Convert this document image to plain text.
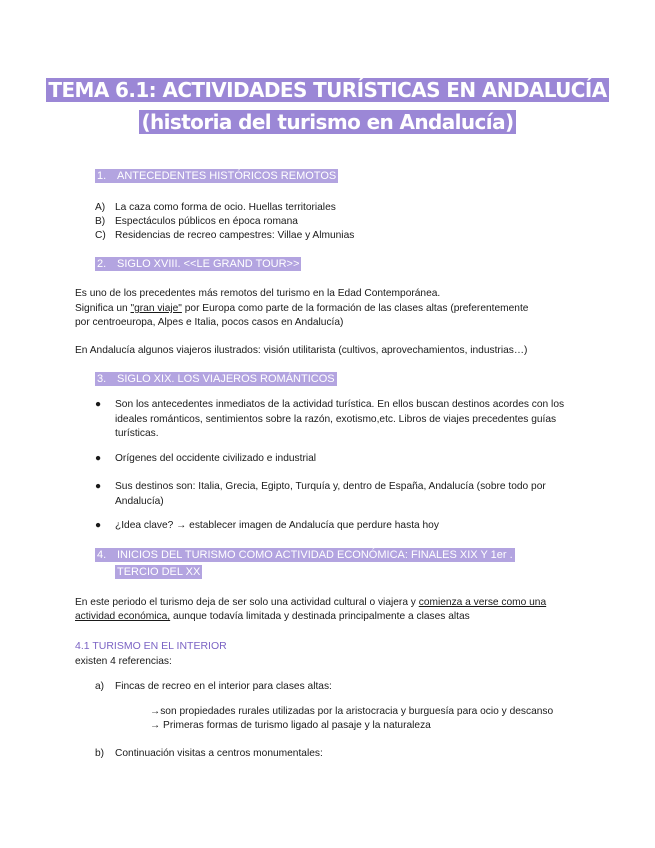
TEMA 6.1: ACTIVIDADES TURÍSTICAS EN ANDALUCÍA
(historia del turismo en Andalucía)
1. ANTECEDENTES HISTÓRICOS REMOTOS
A) La caza como forma de ocio. Huellas territoriales
B) Espectáculos públicos en época romana
C) Residencias de recreo campestres: Villae y Almunias
2. SIGLO XVIII. <<LE GRAND TOUR>>
Es uno de los precedentes más remotos del turismo en la Edad Contemporánea.
Significa un "gran viaje" por Europa como parte de la formación de las clases altas (preferentemente
por centroeuropa, Alpes e Italia, pocos casos en Andalucía)
En Andalucía algunos viajeros ilustrados: visión utilitarista (cultivos, aprovechamientos, industrias…)
3. SIGLO XIX. LOS VIAJEROS ROMÁNTICOS
● Son los antecedentes inmediatos de la actividad turística. En ellos buscan destinos acordes con los ideales románticos, sentimientos sobre la razón, exotismo,etc. Libros de viajes precedentes guías turísticas.
● Orígenes del occidente civilizado e industrial
● Sus destinos son: Italia, Grecia, Egipto, Turquía y, dentro de España, Andalucía (sobre todo por Andalucía)
● ¿Idea clave? → establecer imagen de Andalucía que perdure hasta hoy
4. INICIOS DEL TURISMO COMO ACTIVIDAD ECONÓMICA: FINALES XIX Y 1er .
TERCIO DEL XX
En este periodo el turismo deja de ser solo una actividad cultural o viajera y comienza a verse como una
actividad económica, aunque todavía limitada y destinada principalmente a clases altas
4.1 TURISMO EN EL INTERIOR
existen 4 referencias:
a) Fincas de recreo en el interior para clases altas:
→son propiedades rurales utilizadas por la aristocracia y burguesía para ocio y descanso
→ Primeras formas de turismo ligado al pasaje y la naturaleza
b) Continuación visitas a centros monumentales:
